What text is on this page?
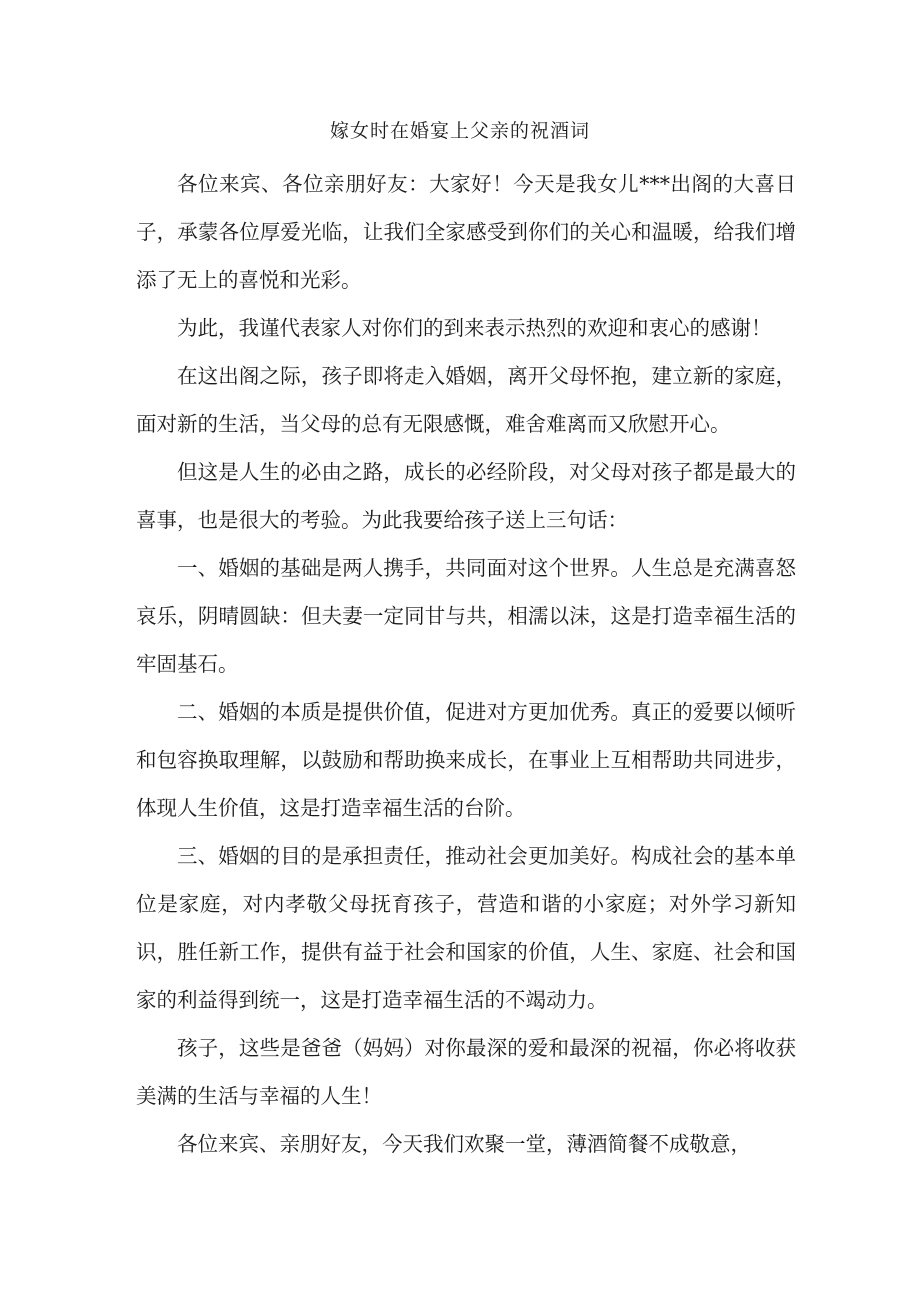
嫁女时在婚宴上父亲的祝酒词

各位来宾、各位亲朋好友：大家好！今天是我女儿***出阁的大喜日子，承蒙各位厚爱光临，让我们全家感受到你们的关心和温暖，给我们增添了无上的喜悦和光彩。

为此，我谨代表家人对你们的到来表示热烈的欢迎和衷心的感谢！

在这出阁之际，孩子即将走入婚姻，离开父母怀抱，建立新的家庭，面对新的生活，当父母的总有无限感慨，难舍难离而又欣慰开心。

但这是人生的必由之路，成长的必经阶段，对父母对孩子都是最大的喜事，也是很大的考验。为此我要给孩子送上三句话：

一、婚姻的基础是两人携手，共同面对这个世界。人生总是充满喜怒哀乐，阴晴圆缺：但夫妻一定同甘与共，相濡以沫，这是打造幸福生活的牢固基石。

二、婚姻的本质是提供价值，促进对方更加优秀。真正的爱要以倾听和包容换取理解，以鼓励和帮助换来成长，在事业上互相帮助共同进步，体现人生价值，这是打造幸福生活的台阶。

三、婚姻的目的是承担责任，推动社会更加美好。构成社会的基本单位是家庭，对内孝敬父母抚育孩子，营造和谐的小家庭；对外学习新知识，胜任新工作，提供有益于社会和国家的价值，人生、家庭、社会和国家的利益得到统一，这是打造幸福生活的不竭动力。

孩子，这些是爸爸（妈妈）对你最深的爱和最深的祝福，你必将收获美满的生活与幸福的人生！

各位来宾、亲朋好友，今天我们欢聚一堂，薄酒简餐不成敬意，
